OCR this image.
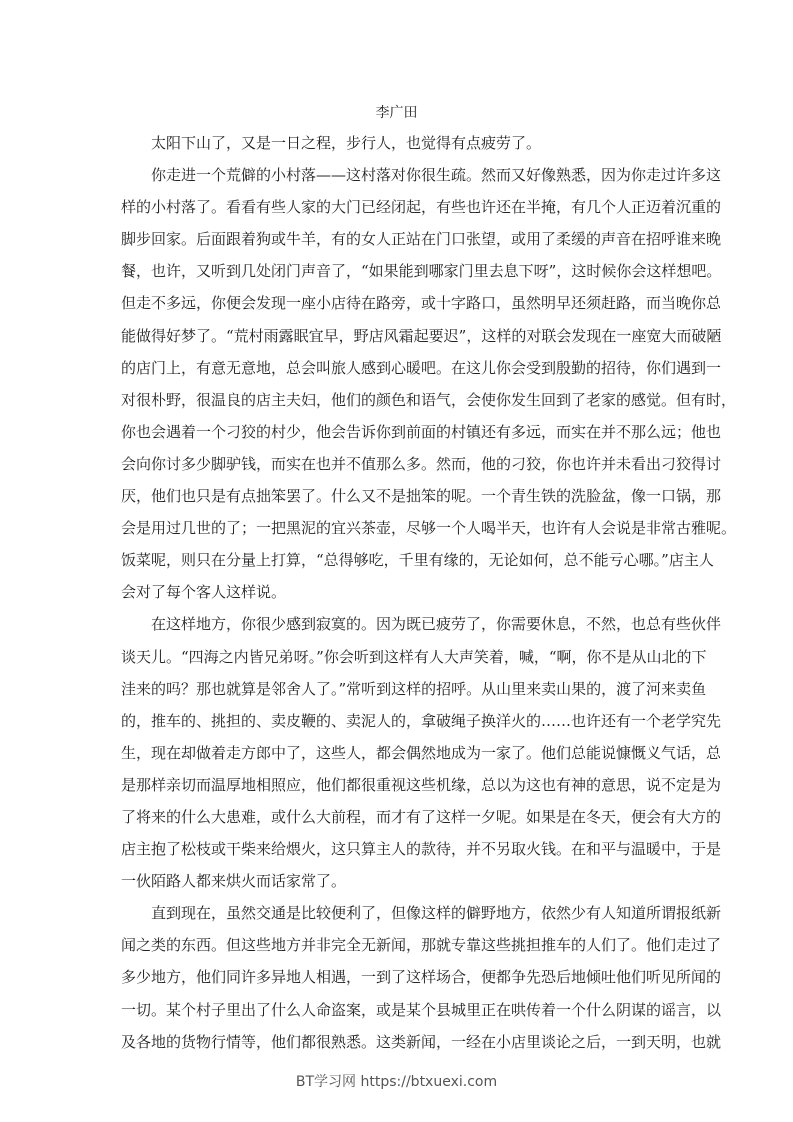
李广田
太阳下山了，又是一日之程，步行人，也觉得有点疲劳了。
你走进一个荒僻的小村落——这村落对你很生疏。然而又好像熟悉，因为你走过许多这
样的小村落了。看看有些人家的大门已经闭起，有些也许还在半掩，有几个人正迈着沉重的
脚步回家。后面跟着狗或牛羊，有的女人正站在门口张望，或用了柔缓的声音在招呼谁来晚
餐，也许，又听到几处闭门声音了，“如果能到哪家门里去息下呀”，这时候你会这样想吧。
但走不多远，你便会发现一座小店待在路旁，或十字路口，虽然明早还须赶路，而当晚你总
能做得好梦了。“荒村雨露眠宜早，野店风霜起要迟”，这样的对联会发现在一座宽大而破陋
的店门上，有意无意地，总会叫旅人感到心暖吧。在这儿你会受到殷勤的招待，你们遇到一
对很朴野，很温良的店主夫妇，他们的颜色和语气，会使你发生回到了老家的感觉。但有时，
你也会遇着一个刁狡的村少，他会告诉你到前面的村镇还有多远，而实在并不那么远；他也
会向你讨多少脚驴钱，而实在也并不值那么多。然而，他的刁狡，你也许并未看出刁狡得讨
厌，他们也只是有点拙笨罢了。什么又不是拙笨的呢。一个青生铁的洗脸盆，像一口锅，那
会是用过几世的了；一把黑泥的宜兴茶壶，尽够一个人喝半天，也许有人会说是非常古雅呢。
饭菜呢，则只在分量上打算，“总得够吃，千里有缘的，无论如何，总不能亏心哪。”店主人
会对了每个客人这样说。
在这样地方，你很少感到寂寞的。因为既已疲劳了，你需要休息，不然，也总有些伙伴
谈天儿。“四海之内皆兄弟呀。”你会听到这样有人大声笑着，喊，“啊，你不是从山北的下
洼来的吗？那也就算是邻舍人了。”常听到这样的招呼。从山里来卖山果的，渡了河来卖鱼
的，推车的、挑担的、卖皮鞭的、卖泥人的，拿破绳子换洋火的……也许还有一个老学究先
生，现在却做着走方郎中了，这些人，都会偶然地成为一家了。他们总能说慷慨义气话，总
是那样亲切而温厚地相照应，他们都很重视这些机缘，总以为这也有神的意思，说不定是为
了将来的什么大患难，或什么大前程，而才有了这样一夕呢。如果是在冬天，便会有大方的
店主抱了松枝或干柴来给煨火，这只算主人的款待，并不另取火钱。在和平与温暖中，于是
一伙陌路人都来烘火而话家常了。
直到现在，虽然交通是比较便利了，但像这样的僻野地方，依然少有人知道所谓报纸新
闻之类的东西。但这些地方并非完全无新闻，那就专靠这些挑担推车的人们了。他们走过了
多少地方，他们同许多异地人相遇，一到了这样场合，便都争先恐后地倾吐他们听见所闻的
一切。某个村子里出了什么人命盗案，或是某个县城里正在哄传着一个什么阴谋的谣言，以
及各地的货物行情等，他们都很熟悉。这类新闻，一经在小店里谈论之后，一到天明，也就
BT学习网 https://btxuexi.com
